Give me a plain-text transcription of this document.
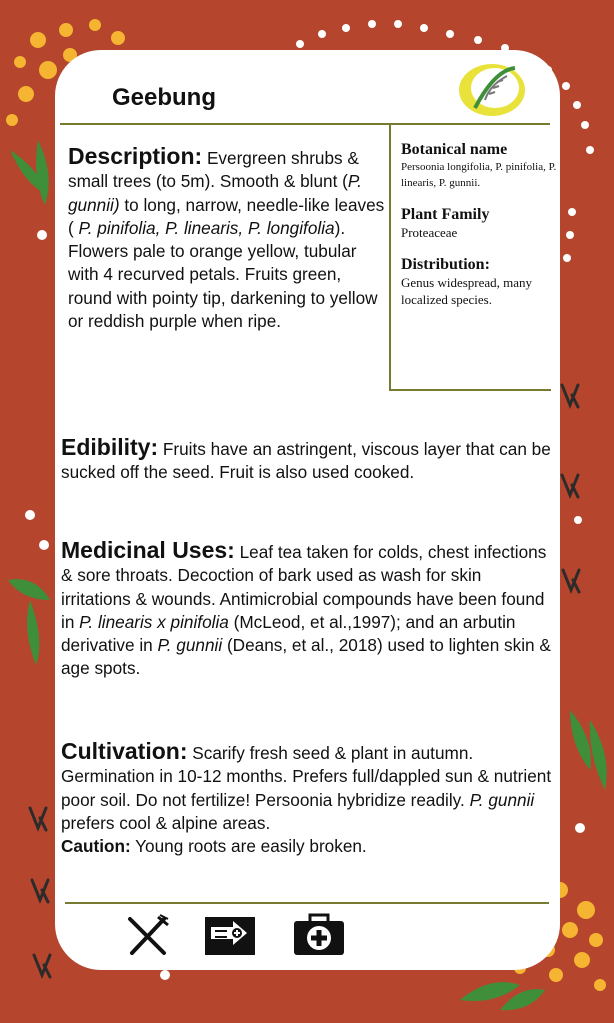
Geebung
Botanical name
Persoonia longifolia, P. pinifolia, P. linearis, P. gunnii.
Plant Family
Proteaceae
Distribution:
Genus widespread, many localized species.
Description: Evergreen shrubs & small trees (to 5m). Smooth & blunt (P. gunnii) to long, narrow, needle-like leaves ( P. pinifolia, P. linearis, P. longifolia). Flowers pale to orange yellow, tubular with 4 recurved petals. Fruits green, round with pointy tip, darkening to yellow or reddish purple when ripe.
Edibility: Fruits have an astringent, viscous layer that can be sucked off the seed. Fruit is also used cooked.
Medicinal Uses: Leaf tea taken for colds, chest infections & sore throats. Decoction of bark used as wash for skin irritations & wounds. Antimicrobial compounds have been found in P. linearis x pinifolia (McLeod, et al.,1997); and an arbutin derivative in P. gunnii (Deans, et al., 2018) used to lighten skin & age spots.
Cultivation: Scarify fresh seed & plant in autumn. Germination in 10-12 months. Prefers full/dappled sun & nutrient poor soil. Do not fertilize! Persoonia hybridize readily. P. gunnii prefers cool & alpine areas.
Caution: Young roots are easily broken.
